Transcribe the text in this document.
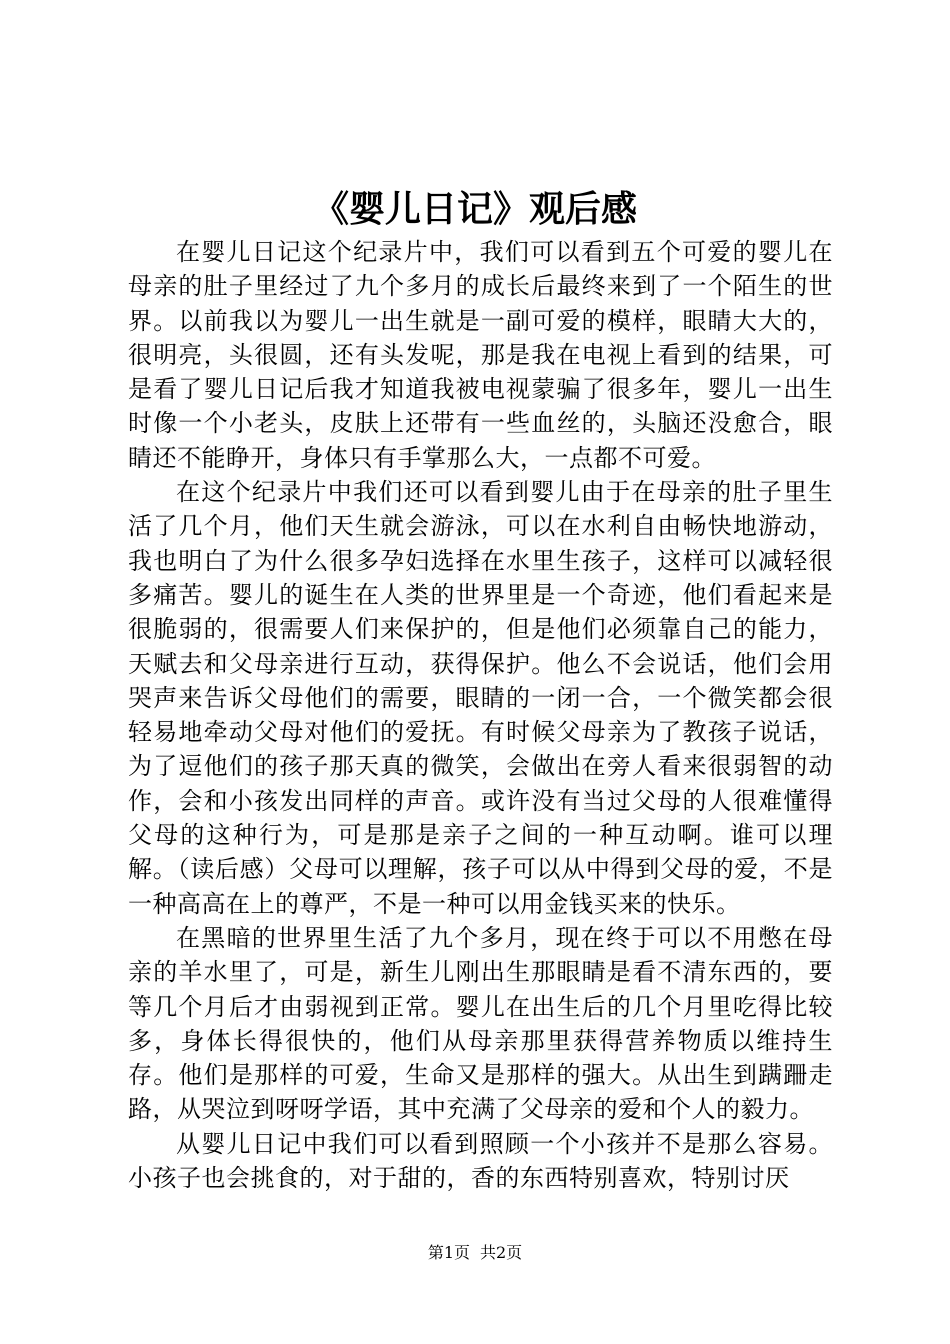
《婴儿日记》观后感

在婴儿日记这个纪录片中，我们可以看到五个可爱的婴儿在母亲的肚子里经过了九个多月的成长后最终来到了一个陌生的世界。以前我以为婴儿一出生就是一副可爱的模样，眼睛大大的，很明亮，头很圆，还有头发呢，那是我在电视上看到的结果，可是看了婴儿日记后我才知道我被电视蒙骗了很多年，婴儿一出生时像一个小老头，皮肤上还带有一些血丝的，头脑还没愈合，眼睛还不能睁开，身体只有手掌那么大，一点都不可爱。

在这个纪录片中我们还可以看到婴儿由于在母亲的肚子里生活了几个月，他们天生就会游泳，可以在水利自由畅快地游动，我也明白了为什么很多孕妇选择在水里生孩子，这样可以减轻很多痛苦。婴儿的诞生在人类的世界里是一个奇迹，他们看起来是很脆弱的，很需要人们来保护的，但是他们必须靠自己的能力，天赋去和父母亲进行互动，获得保护。他么不会说话，他们会用哭声来告诉父母他们的需要，眼睛的一闭一合，一个微笑都会很轻易地牵动父母对他们的爱抚。有时候父母亲为了教孩子说话，为了逗他们的孩子那天真的微笑，会做出在旁人看来很弱智的动作，会和小孩发出同样的声音。或许没有当过父母的人很难懂得父母的这种行为，可是那是亲子之间的一种互动啊。谁可以理解。（读后感）父母可以理解，孩子可以从中得到父母的爱，不是一种高高在上的尊严，不是一种可以用金钱买来的快乐。

在黑暗的世界里生活了九个多月，现在终于可以不用憋在母亲的羊水里了，可是，新生儿刚出生那眼睛是看不清东西的，要等几个月后才由弱视到正常。婴儿在出生后的几个月里吃得比较多，身体长得很快的，他们从母亲那里获得营养物质以维持生存。他们是那样的可爱，生命又是那样的强大。从出生到蹒跚走路，从哭泣到呀呀学语，其中充满了父母亲的爱和个人的毅力。

从婴儿日记中我们可以看到照顾一个小孩并不是那么容易。小孩子也会挑食的，对于甜的，香的东西特别喜欢，特别讨厌

第1页 共2页
